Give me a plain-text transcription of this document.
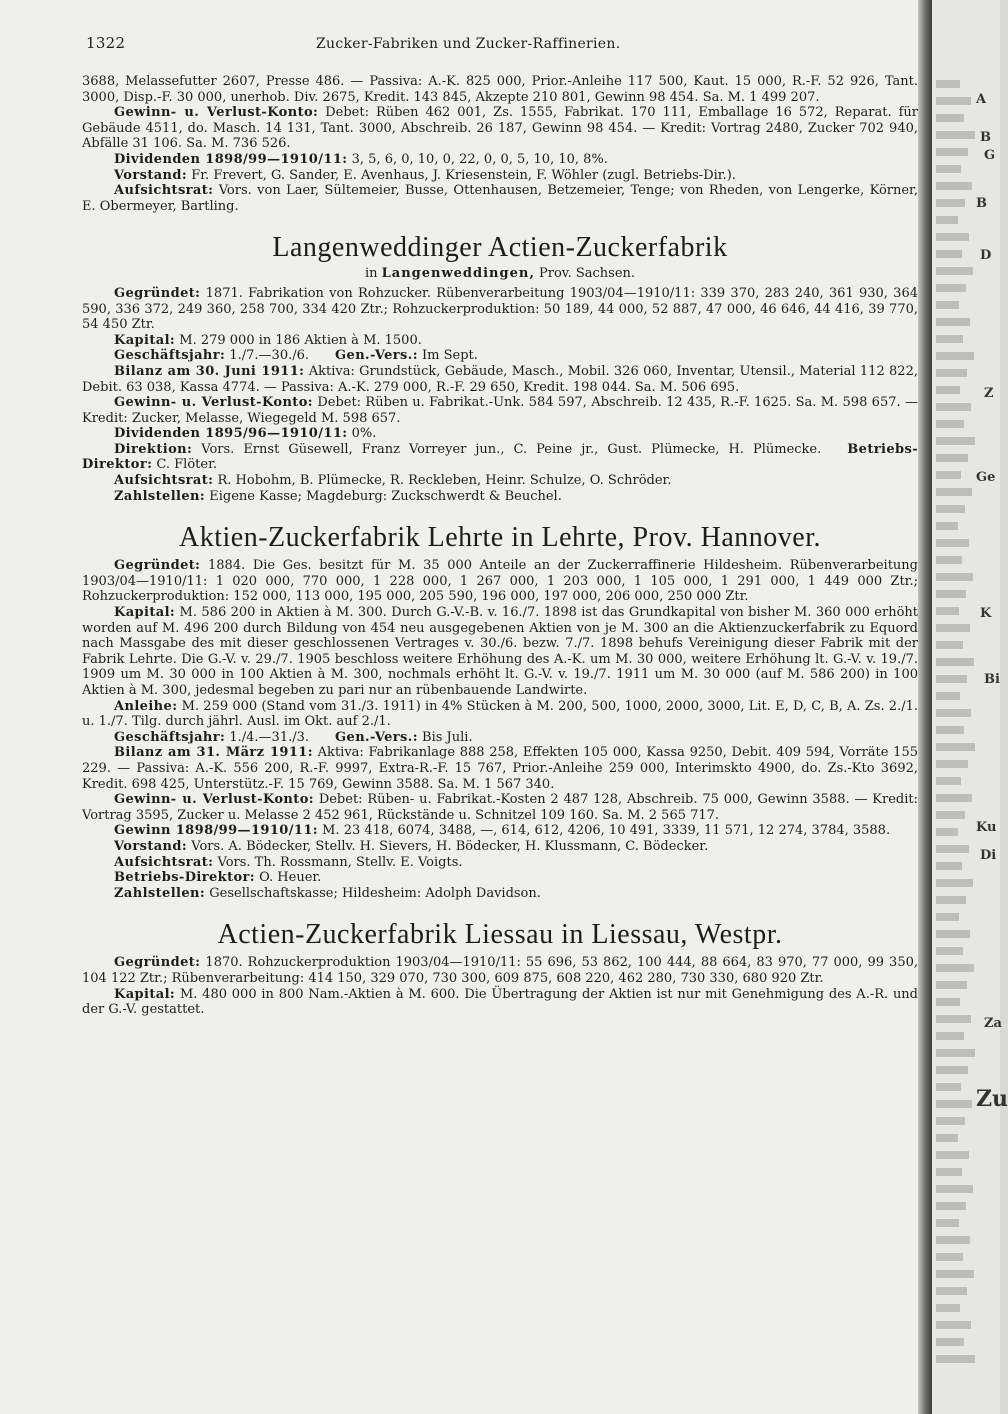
1322	Zucker-Fabriken und Zucker-Raffinerien.

3688, Melassefutter 2607, Presse 486. — Passiva: A.-K. 825 000, Prior.-Anleihe 117 500, Kaut. 15 000, R.-F. 52 926, Tant. 3000, Disp.-F. 30 000, unerhob. Div. 2675, Kredit. 143 845, Akzepte 210 801, Gewinn 98 454. Sa. M. 1 499 207.

Gewinn- u. Verlust-Konto: Debet: Rüben 462 001, Zs. 1555, Fabrikat. 170 111, Emballage 16 572, Reparat. für Gebäude 4511, do. Masch. 14 131, Tant. 3000, Abschreib. 26 187, Gewinn 98 454. — Kredit: Vortrag 2480, Zucker 702 940, Abfälle 31 106. Sa. M. 736 526.

Dividenden 1898/99—1910/11: 3, 5, 6, 0, 10, 0, 22, 0, 0, 5, 10, 10, 8%.

Vorstand: Fr. Frevert, G. Sander, E. Avenhaus, J. Kriesenstein, F. Wöhler (zugl. Betriebs-Dir.).

Aufsichtsrat: Vors. von Laer, Sültemeier, Busse, Ottenhausen, Betzemeier, Tenge; von Rheden, von Lengerke, Körner, E. Obermeyer, Bartling.

Langenweddinger Actien-Zuckerfabrik
in Langenweddingen, Prov. Sachsen.

Gegründet: 1871. Fabrikation von Rohzucker. Rübenverarbeitung 1903/04—1910/11: 339 370, 283 240, 361 930, 364 590, 336 372, 249 360, 258 700, 334 420 Ztr.; Rohzuckerproduktion: 50 189, 44 000, 52 887, 47 000, 46 646, 44 416, 39 770, 54 450 Ztr.

Kapital: M. 279 000 in 186 Aktien à M. 1500.

Geschäftsjahr: 1./7.—30./6.   Gen.-Vers.: Im Sept.

Bilanz am 30. Juni 1911: Aktiva: Grundstück, Gebäude, Masch., Mobil. 326 060, Inventar, Utensil., Material 112 822, Debit. 63 038, Kassa 4774. — Passiva: A.-K. 279 000, R.-F. 29 650, Kredit. 198 044. Sa. M. 506 695.

Gewinn- u. Verlust-Konto: Debet: Rüben u. Fabrikat.-Unk. 584 597, Abschreib. 12 435, R.-F. 1625. Sa. M. 598 657. — Kredit: Zucker, Melasse, Wiegegeld M. 598 657.

Dividenden 1895/96—1910/11: 0%.

Direktion: Vors. Ernst Güsewell, Franz Vorreyer jun., C. Peine jr., Gust. Plümecke, H. Plümecke.   Betriebs-Direktor: C. Flöter.

Aufsichtsrat: R. Hobohm, B. Plümecke, R. Reckleben, Heinr. Schulze, O. Schröder.

Zahlstellen: Eigene Kasse; Magdeburg: Zuckschwerdt & Beuchel.

Aktien-Zuckerfabrik Lehrte in Lehrte, Prov. Hannover.

Gegründet: 1884. Die Ges. besitzt für M. 35 000 Anteile an der Zuckerraffinerie Hildesheim. Rübenverarbeitung 1903/04—1910/11: 1 020 000, 770 000, 1 228 000, 1 267 000, 1 203 000, 1 105 000, 1 291 000, 1 449 000 Ztr.; Rohzuckerproduktion: 152 000, 113 000, 195 000, 205 590, 196 000, 197 000, 206 000, 250 000 Ztr.

Kapital: M. 586 200 in Aktien à M. 300. Durch G.-V.-B. v. 16./7. 1898 ist das Grundkapital von bisher M. 360 000 erhöht worden auf M. 496 200 durch Bildung von 454 neu ausgegebenen Aktien von je M. 300 an die Aktienzuckerfabrik zu Equord nach Massgabe des mit dieser geschlossenen Vertrages v. 30./6. bezw. 7./7. 1898 behufs Vereinigung dieser Fabrik mit der Fabrik Lehrte. Die G.-V. v. 29./7. 1905 beschloss weitere Erhöhung des A.-K. um M. 30 000, weitere Erhöhung lt. G.-V. v. 19./7. 1909 um M. 30 000 in 100 Aktien à M. 300, nochmals erhöht lt. G.-V. v. 19./7. 1911 um M. 30 000 (auf M. 586 200) in 100 Aktien à M. 300, jedesmal begeben zu pari nur an rübenbauende Landwirte.

Anleihe: M. 259 000 (Stand vom 31./3. 1911) in 4% Stücken à M. 200, 500, 1000, 2000, 3000, Lit. E, D, C, B, A. Zs. 2./1. u. 1./7. Tilg. durch jährl. Ausl. im Okt. auf 2./1.

Geschäftsjahr: 1./4.—31./3.   Gen.-Vers.: Bis Juli.

Bilanz am 31. März 1911: Aktiva: Fabrikanlage 888 258, Effekten 105 000, Kassa 9250, Debit. 409 594, Vorräte 155 229. — Passiva: A.-K. 556 200, R.-F. 9997, Extra-R.-F. 15 767, Prior.-Anleihe 259 000, Interimskto 4900, do. Zs.-Kto 3692, Kredit. 698 425, Unterstütz.-F. 15 769, Gewinn 3588. Sa. M. 1 567 340.

Gewinn- u. Verlust-Konto: Debet: Rüben- u. Fabrikat.-Kosten 2 487 128, Abschreib. 75 000, Gewinn 3588. — Kredit: Vortrag 3595, Zucker u. Melasse 2 452 961, Rückstände u. Schnitzel 109 160. Sa. M. 2 565 717.

Gewinn 1898/99—1910/11: M. 23 418, 6074, 3488, —, 614, 612, 4206, 10 491, 3339, 11 571, 12 274, 3784, 3588.

Vorstand: Vors. A. Bödecker, Stellv. H. Sievers, H. Bödecker, H. Klussmann, C. Bödecker.

Aufsichtsrat: Vors. Th. Rossmann, Stellv. E. Voigts.

Betriebs-Direktor: O. Heuer.

Zahlstellen: Gesellschaftskasse; Hildesheim: Adolph Davidson.

Actien-Zuckerfabrik Liessau in Liessau, Westpr.

Gegründet: 1870. Rohzuckerproduktion 1903/04—1910/11: 55 696, 53 862, 100 444, 88 664, 83 970, 77 000, 99 350, 104 122 Ztr.; Rübenverarbeitung: 414 150, 329 070, 730 300, 609 875, 608 220, 462 280, 730 330, 680 920 Ztr.

Kapital: M. 480 000 in 800 Nam.-Aktien à M. 600. Die Übertragung der Aktien ist nur mit Genehmigung des A.-R. und der G.-V. gestattet.

A
B
G
B
D
Z
Ge
K
Bi
Ku
Di
Za
Zu
